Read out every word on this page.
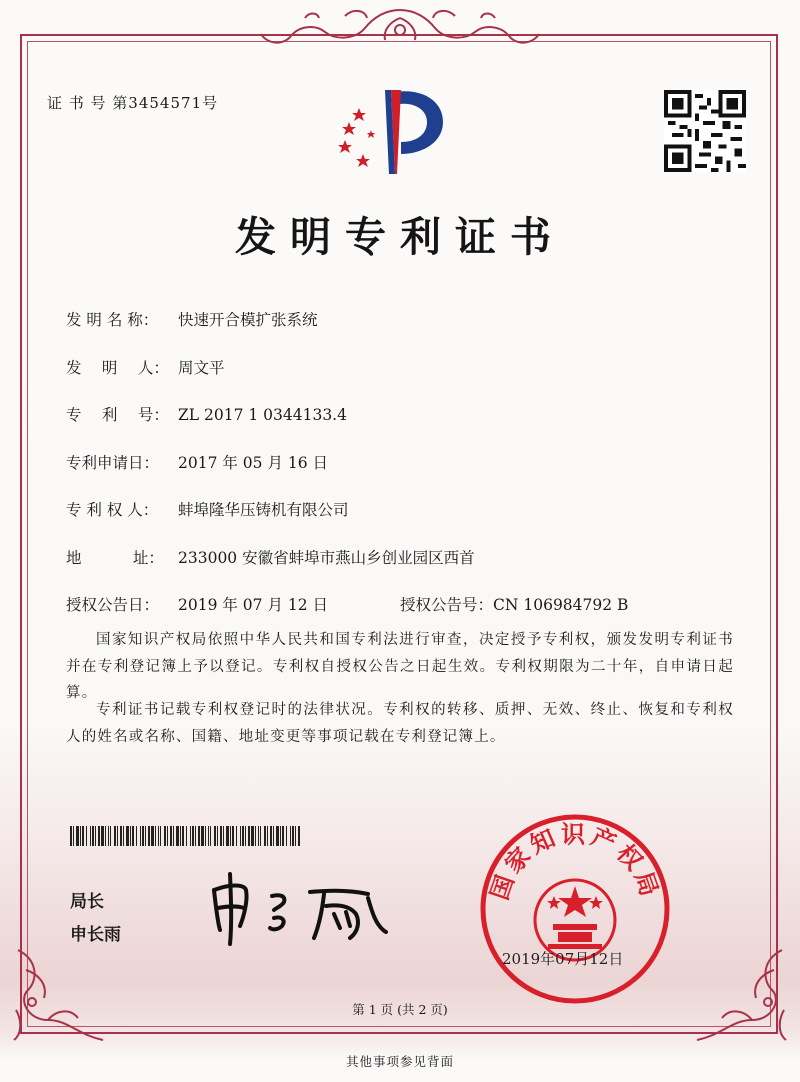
证 书 号 第3454571号
发明专利证书
发 明 名 称： 快速开合模扩张系统
发　 明　 人： 周文平
专　 利　 号： ZL 2017 1 0344133.4
专利申请日： 2017 年 05 月 16 日
专 利 权 人： 蚌埠隆华压铸机有限公司
地　　　 址： 233000 安徽省蚌埠市燕山乡创业园区西首
授权公告日： 2019 年 07 月 12 日	授权公告号：CN 106984792 B
国家知识产权局依照中华人民共和国专利法进行审查，决定授予专利权，颁发发明专利证书并在专利登记簿上予以登记。专利权自授权公告之日起生效。专利权期限为二十年，自申请日起算。
专利证书记载专利权登记时的法律状况。专利权的转移、质押、无效、终止、恢复和专利权人的姓名或名称、国籍、地址变更等事项记载在专利登记簿上。
局长
申长雨
国家知识产权局
2019年07月12日
第 1 页 (共 2 页)
其他事项参见背面
